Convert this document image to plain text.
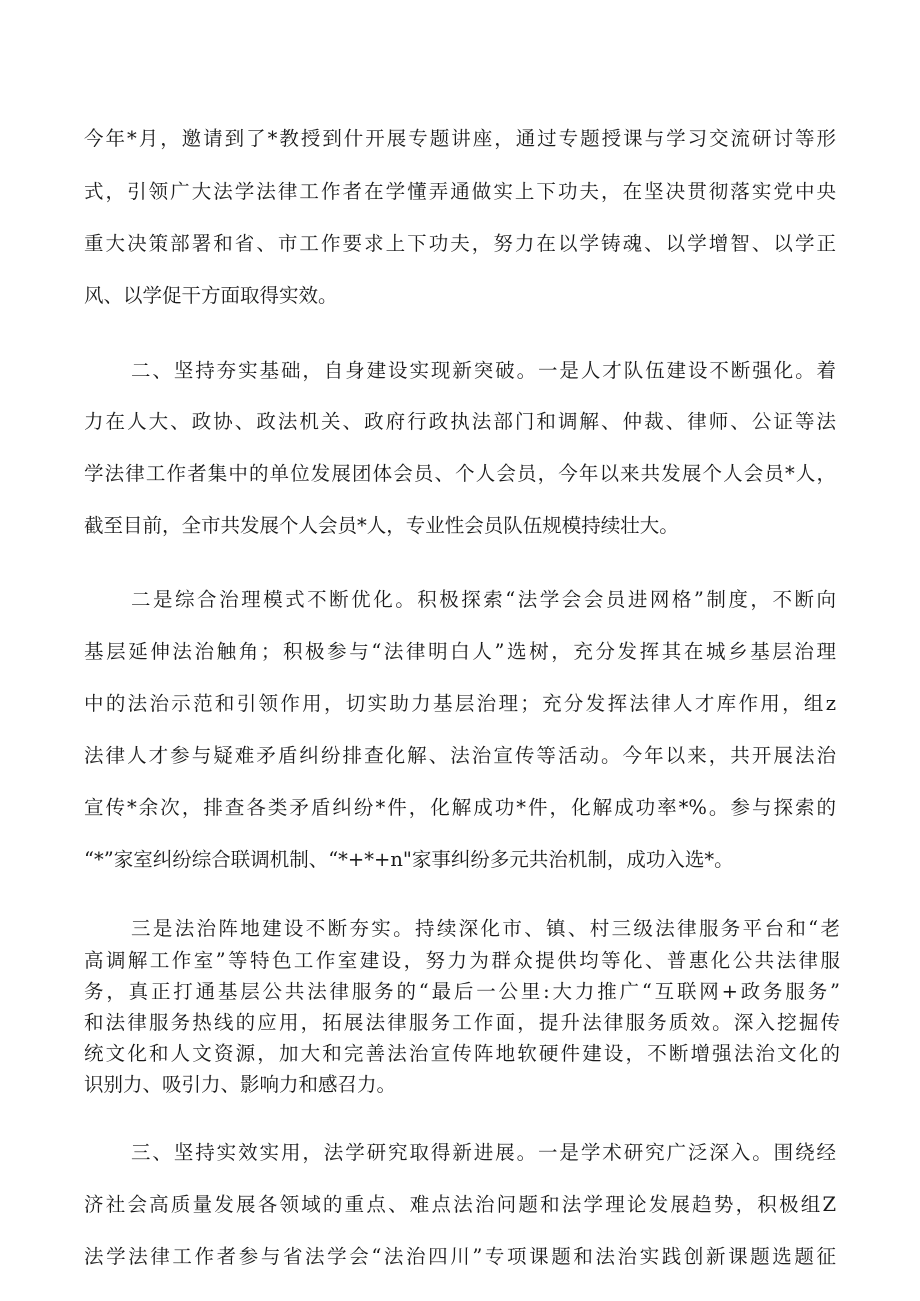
今年*月，邀请到了*教授到什开展专题讲座，通过专题授课与学习交流研讨等形
式，引领广大法学法律工作者在学懂弄通做实上下功夫，在坚决贯彻落实党中央
重大决策部署和省、市工作要求上下功夫，努力在以学铸魂、以学增智、以学正
风、以学促干方面取得实效。
二、坚持夯实基础，自身建设实现新突破。一是人才队伍建设不断强化。着
力在人大、政协、政法机关、政府行政执法部门和调解、仲裁、律师、公证等法
学法律工作者集中的单位发展团体会员、个人会员，今年以来共发展个人会员*人，
截至目前，全市共发展个人会员*人，专业性会员队伍规模持续壮大。
二是综合治理模式不断优化。积极探索“法学会会员进网格”制度，不断向
基层延伸法治触角；积极参与“法律明白人”选树，充分发挥其在城乡基层治理
中的法治示范和引领作用，切实助力基层治理；充分发挥法律人才库作用，组z
法律人才参与疑难矛盾纠纷排查化解、法治宣传等活动。今年以来，共开展法治
宣传*余次，排查各类矛盾纠纷*件，化解成功*件，化解成功率*%。参与探索的
“*”家室纠纷综合联调机制、“*+*+n"家事纠纷多元共治机制，成功入选*。
三是法治阵地建设不断夯实。持续深化市、镇、村三级法律服务平台和“老
高调解工作室”等特色工作室建设，努力为群众提供均等化、普惠化公共法律服
务，真正打通基层公共法律服务的“最后一公里:大力推广“互联网+政务服务”
和法律服务热线的应用，拓展法律服务工作面，提升法律服务质效。深入挖掘传
统文化和人文资源，加大和完善法治宣传阵地软硬件建设，不断增强法治文化的
识别力、吸引力、影响力和感召力。
三、坚持实效实用，法学研究取得新进展。一是学术研究广泛深入。围绕经
济社会高质量发展各领域的重点、难点法治问题和法学理论发展趋势，积极组Z
法学法律工作者参与省法学会“法治四川”专项课题和法治实践创新课题选题征
